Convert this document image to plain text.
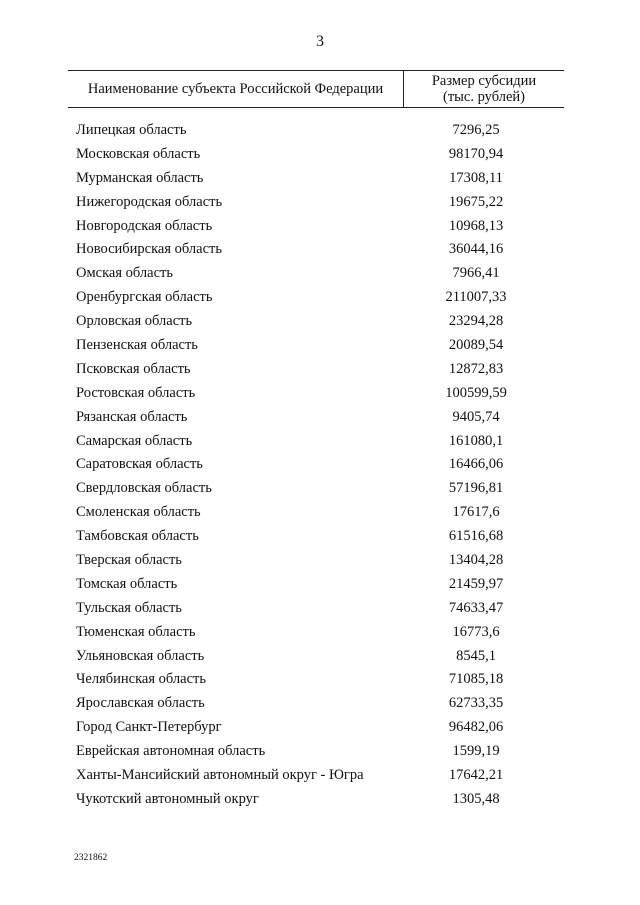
3
Наименование субъекта Российской Федерации	Размер субсидии
(тыс. рублей)
Липецкая область	7296,25
Московская область	98170,94
Мурманская область	17308,11
Нижегородская область	19675,22
Новгородская область	10968,13
Новосибирская область	36044,16
Омская область	7966,41
Оренбургская область	211007,33
Орловская область	23294,28
Пензенская область	20089,54
Псковская область	12872,83
Ростовская область	100599,59
Рязанская область	9405,74
Самарская область	161080,1
Саратовская область	16466,06
Свердловская область	57196,81
Смоленская область	17617,6
Тамбовская область	61516,68
Тверская область	13404,28
Томская область	21459,97
Тульская область	74633,47
Тюменская область	16773,6
Ульяновская область	8545,1
Челябинская область	71085,18
Ярославская область	62733,35
Город Санкт-Петербург	96482,06
Еврейская автономная область	1599,19
Ханты-Мансийский автономный округ - Югра	17642,21
Чукотский автономный округ	1305,48
2321862
